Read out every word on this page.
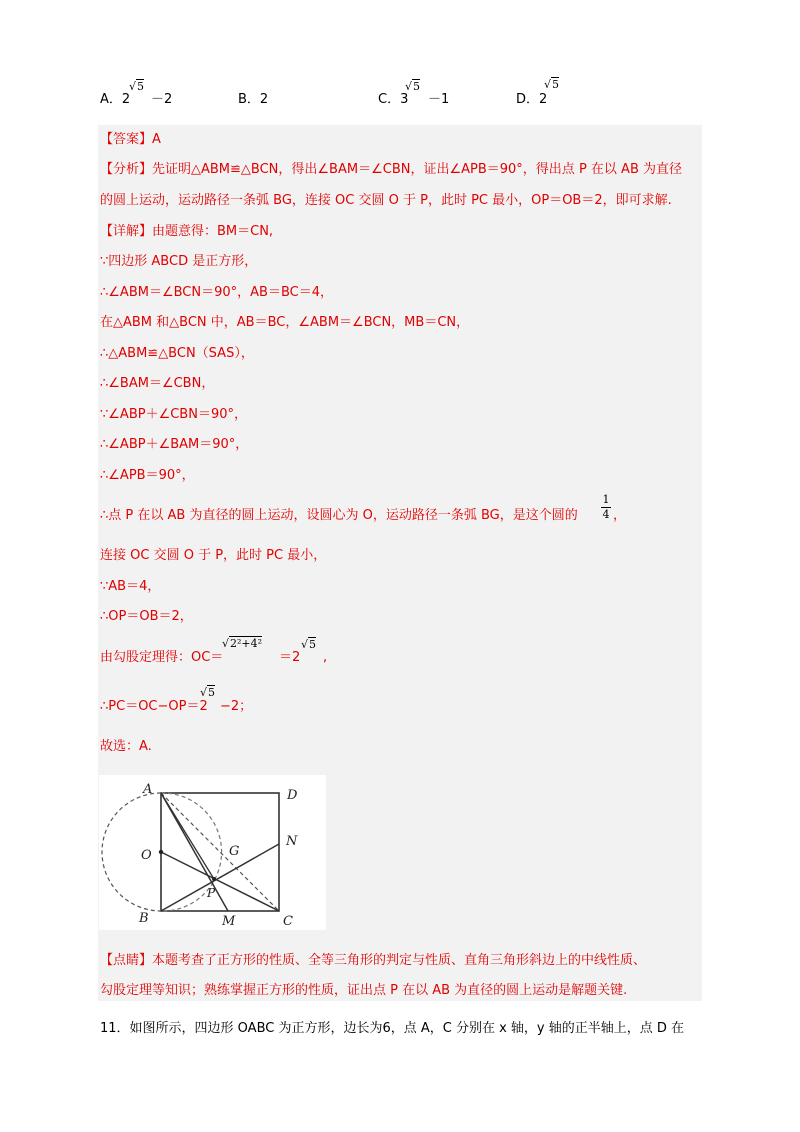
A．2
√5
－2	B．2	C．3
√5
－1	D．2
√5
【答案】A
【分析】先证明△ABM≌△BCN，得出∠BAM＝∠CBN，证出∠APB＝90°，得出点 P 在以 AB 为直径
的圆上运动，运动路径一条弧 BG，连接 OC 交圆 O 于 P，此时 PC 最小，OP＝OB＝2，即可求解.
【详解】由题意得：BM＝CN,
∵四边形 ABCD 是正方形，
∴∠ABM＝∠BCN＝90°，AB＝BC＝4，
在△ABM 和△BCN 中，AB＝BC，∠ABM＝∠BCN，MB＝CN，
∴△ABM≌△BCN（SAS），
∴∠BAM＝∠CBN，
∵∠ABP＋∠CBN＝90°，
∴∠ABP＋∠BAM＝90°，
∴∠APB＝90°，
∴点 P 在以 AB 为直径的圆上运动，设圆心为 O，运动路径一条弧 BG，是这个圆的 $\frac{1}{4}$ ，
连接 OC 交圆 O 于 P，此时 PC 最小，
∵AB＝4，
∴OP＝OB＝2，
由勾股定理得：OC＝
√2²+4²
＝2
√5
,
∴PC＝OC−OP＝2
√5
−2；
故选：A.
A
B	C
D
O	G
N
P
M
【点睛】本题考查了正方形的性质、全等三角形的判定与性质、直角三角形斜边上的中线性质、
勾股定理等知识；熟练掌握正方形的性质，证出点 P 在以 AB 为直径的圆上运动是解题关键.
11．如图所示，四边形 OABC 为正方形，边长为6，点 A，C 分别在 x 轴，y 轴的正半轴上，点 D 在
